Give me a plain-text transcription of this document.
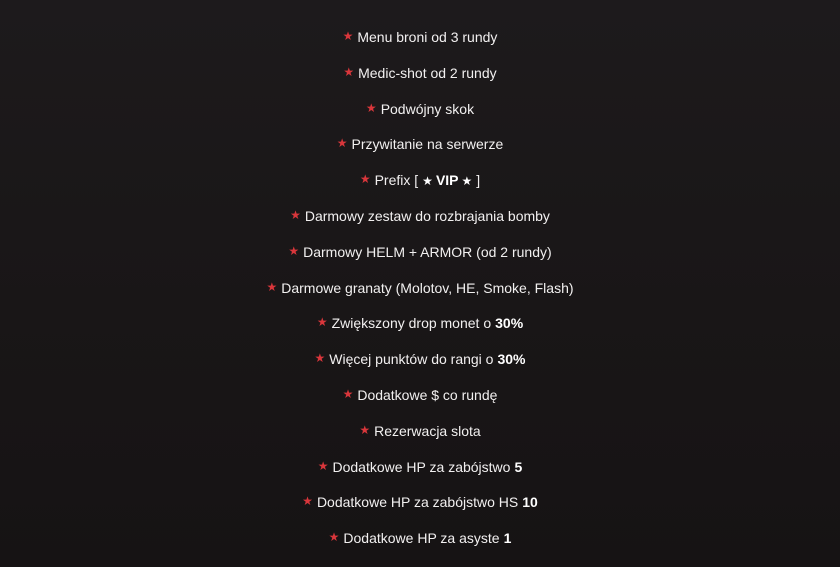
★ Menu broni od 3 rundy
★ Medic-shot od 2 rundy
★ Podwójny skok
★ Przywitanie na serwerze
★ Prefix [ ★ VIP ★ ]
★ Darmowy zestaw do rozbrajania bomby
★ Darmowy HELM + ARMOR (od 2 rundy)
★ Darmowe granaty (Molotov, HE, Smoke, Flash)
★ Zwiększony drop monet o 30%
★ Więcej punktów do rangi o 30%
★ Dodatkowe $ co rundę
★ Rezerwacja slota
★ Dodatkowe HP za zabójstwo 5
★ Dodatkowe HP za zabójstwo HS 10
★ Dodatkowe HP za asyste 1
